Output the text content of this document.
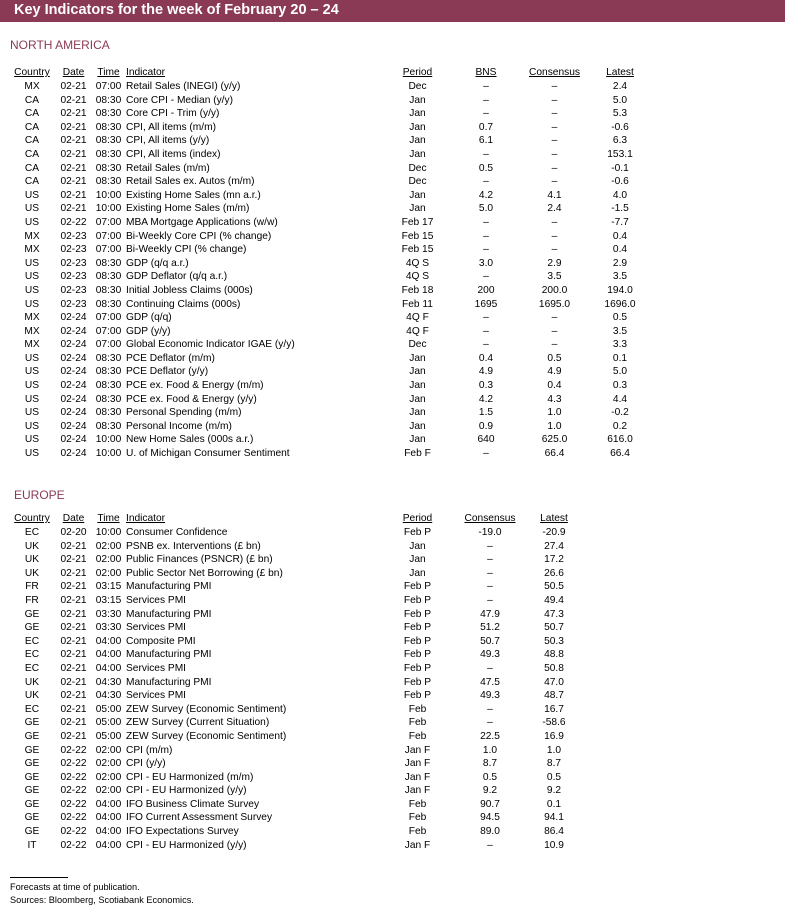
Key Indicators for the week of February 20 – 24
NORTH AMERICA
Country	Date	Time	Indicator	Period	BNS	Consensus	Latest
MX	02-21	07:00	Retail Sales (INEGI) (y/y)	Dec	–	–	2.4
CA	02-21	08:30	Core CPI - Median (y/y)	Jan	–	–	5.0
CA	02-21	08:30	Core CPI - Trim (y/y)	Jan	–	–	5.3
CA	02-21	08:30	CPI, All items (m/m)	Jan	0.7	–	-0.6
CA	02-21	08:30	CPI, All items (y/y)	Jan	6.1	–	6.3
CA	02-21	08:30	CPI, All items (index)	Jan	–	–	153.1
CA	02-21	08:30	Retail Sales (m/m)	Dec	0.5	–	-0.1
CA	02-21	08:30	Retail Sales ex. Autos (m/m)	Dec	–	–	-0.6
US	02-21	10:00	Existing Home Sales (mn a.r.)	Jan	4.2	4.1	4.0
US	02-21	10:00	Existing Home Sales (m/m)	Jan	5.0	2.4	-1.5
US	02-22	07:00	MBA Mortgage Applications (w/w)	Feb 17	–	–	-7.7
MX	02-23	07:00	Bi-Weekly Core CPI (% change)	Feb 15	–	–	0.4
MX	02-23	07:00	Bi-Weekly CPI (% change)	Feb 15	–	–	0.4
US	02-23	08:30	GDP (q/q a.r.)	4Q S	3.0	2.9	2.9
US	02-23	08:30	GDP Deflator (q/q a.r.)	4Q S	–	3.5	3.5
US	02-23	08:30	Initial Jobless Claims (000s)	Feb 18	200	200.0	194.0
US	02-23	08:30	Continuing Claims (000s)	Feb 11	1695	1695.0	1696.0
MX	02-24	07:00	GDP (q/q)	4Q F	–	–	0.5
MX	02-24	07:00	GDP (y/y)	4Q F	–	–	3.5
MX	02-24	07:00	Global Economic Indicator IGAE (y/y)	Dec	–	–	3.3
US	02-24	08:30	PCE Deflator (m/m)	Jan	0.4	0.5	0.1
US	02-24	08:30	PCE Deflator (y/y)	Jan	4.9	4.9	5.0
US	02-24	08:30	PCE ex. Food & Energy (m/m)	Jan	0.3	0.4	0.3
US	02-24	08:30	PCE ex. Food & Energy (y/y)	Jan	4.2	4.3	4.4
US	02-24	08:30	Personal Spending (m/m)	Jan	1.5	1.0	-0.2
US	02-24	08:30	Personal Income (m/m)	Jan	0.9	1.0	0.2
US	02-24	10:00	New Home Sales (000s a.r.)	Jan	640	625.0	616.0
US	02-24	10:00	U. of Michigan Consumer Sentiment	Feb F	–	66.4	66.4
EUROPE
Country	Date	Time	Indicator	Period	Consensus	Latest
EC	02-20	10:00	Consumer Confidence	Feb P	-19.0	-20.9
UK	02-21	02:00	PSNB ex. Interventions (£ bn)	Jan	–	27.4
UK	02-21	02:00	Public Finances (PSNCR) (£ bn)	Jan	–	17.2
UK	02-21	02:00	Public Sector Net Borrowing (£ bn)	Jan	–	26.6
FR	02-21	03:15	Manufacturing PMI	Feb P	–	50.5
FR	02-21	03:15	Services PMI	Feb P	–	49.4
GE	02-21	03:30	Manufacturing PMI	Feb P	47.9	47.3
GE	02-21	03:30	Services PMI	Feb P	51.2	50.7
EC	02-21	04:00	Composite PMI	Feb P	50.7	50.3
EC	02-21	04:00	Manufacturing PMI	Feb P	49.3	48.8
EC	02-21	04:00	Services PMI	Feb P	–	50.8
UK	02-21	04:30	Manufacturing PMI	Feb P	47.5	47.0
UK	02-21	04:30	Services PMI	Feb P	49.3	48.7
EC	02-21	05:00	ZEW Survey (Economic Sentiment)	Feb	–	16.7
GE	02-21	05:00	ZEW Survey (Current Situation)	Feb	–	-58.6
GE	02-21	05:00	ZEW Survey (Economic Sentiment)	Feb	22.5	16.9
GE	02-22	02:00	CPI (m/m)	Jan F	1.0	1.0
GE	02-22	02:00	CPI (y/y)	Jan F	8.7	8.7
GE	02-22	02:00	CPI - EU Harmonized (m/m)	Jan F	0.5	0.5
GE	02-22	02:00	CPI - EU Harmonized (y/y)	Jan F	9.2	9.2
GE	02-22	04:00	IFO Business Climate Survey	Feb	90.7	0.1
GE	02-22	04:00	IFO Current Assessment Survey	Feb	94.5	94.1
GE	02-22	04:00	IFO Expectations Survey	Feb	89.0	86.4
IT	02-22	04:00	CPI - EU Harmonized (y/y)	Jan F	–	10.9
Forecasts at time of publication.
Sources: Bloomberg, Scotiabank Economics.
